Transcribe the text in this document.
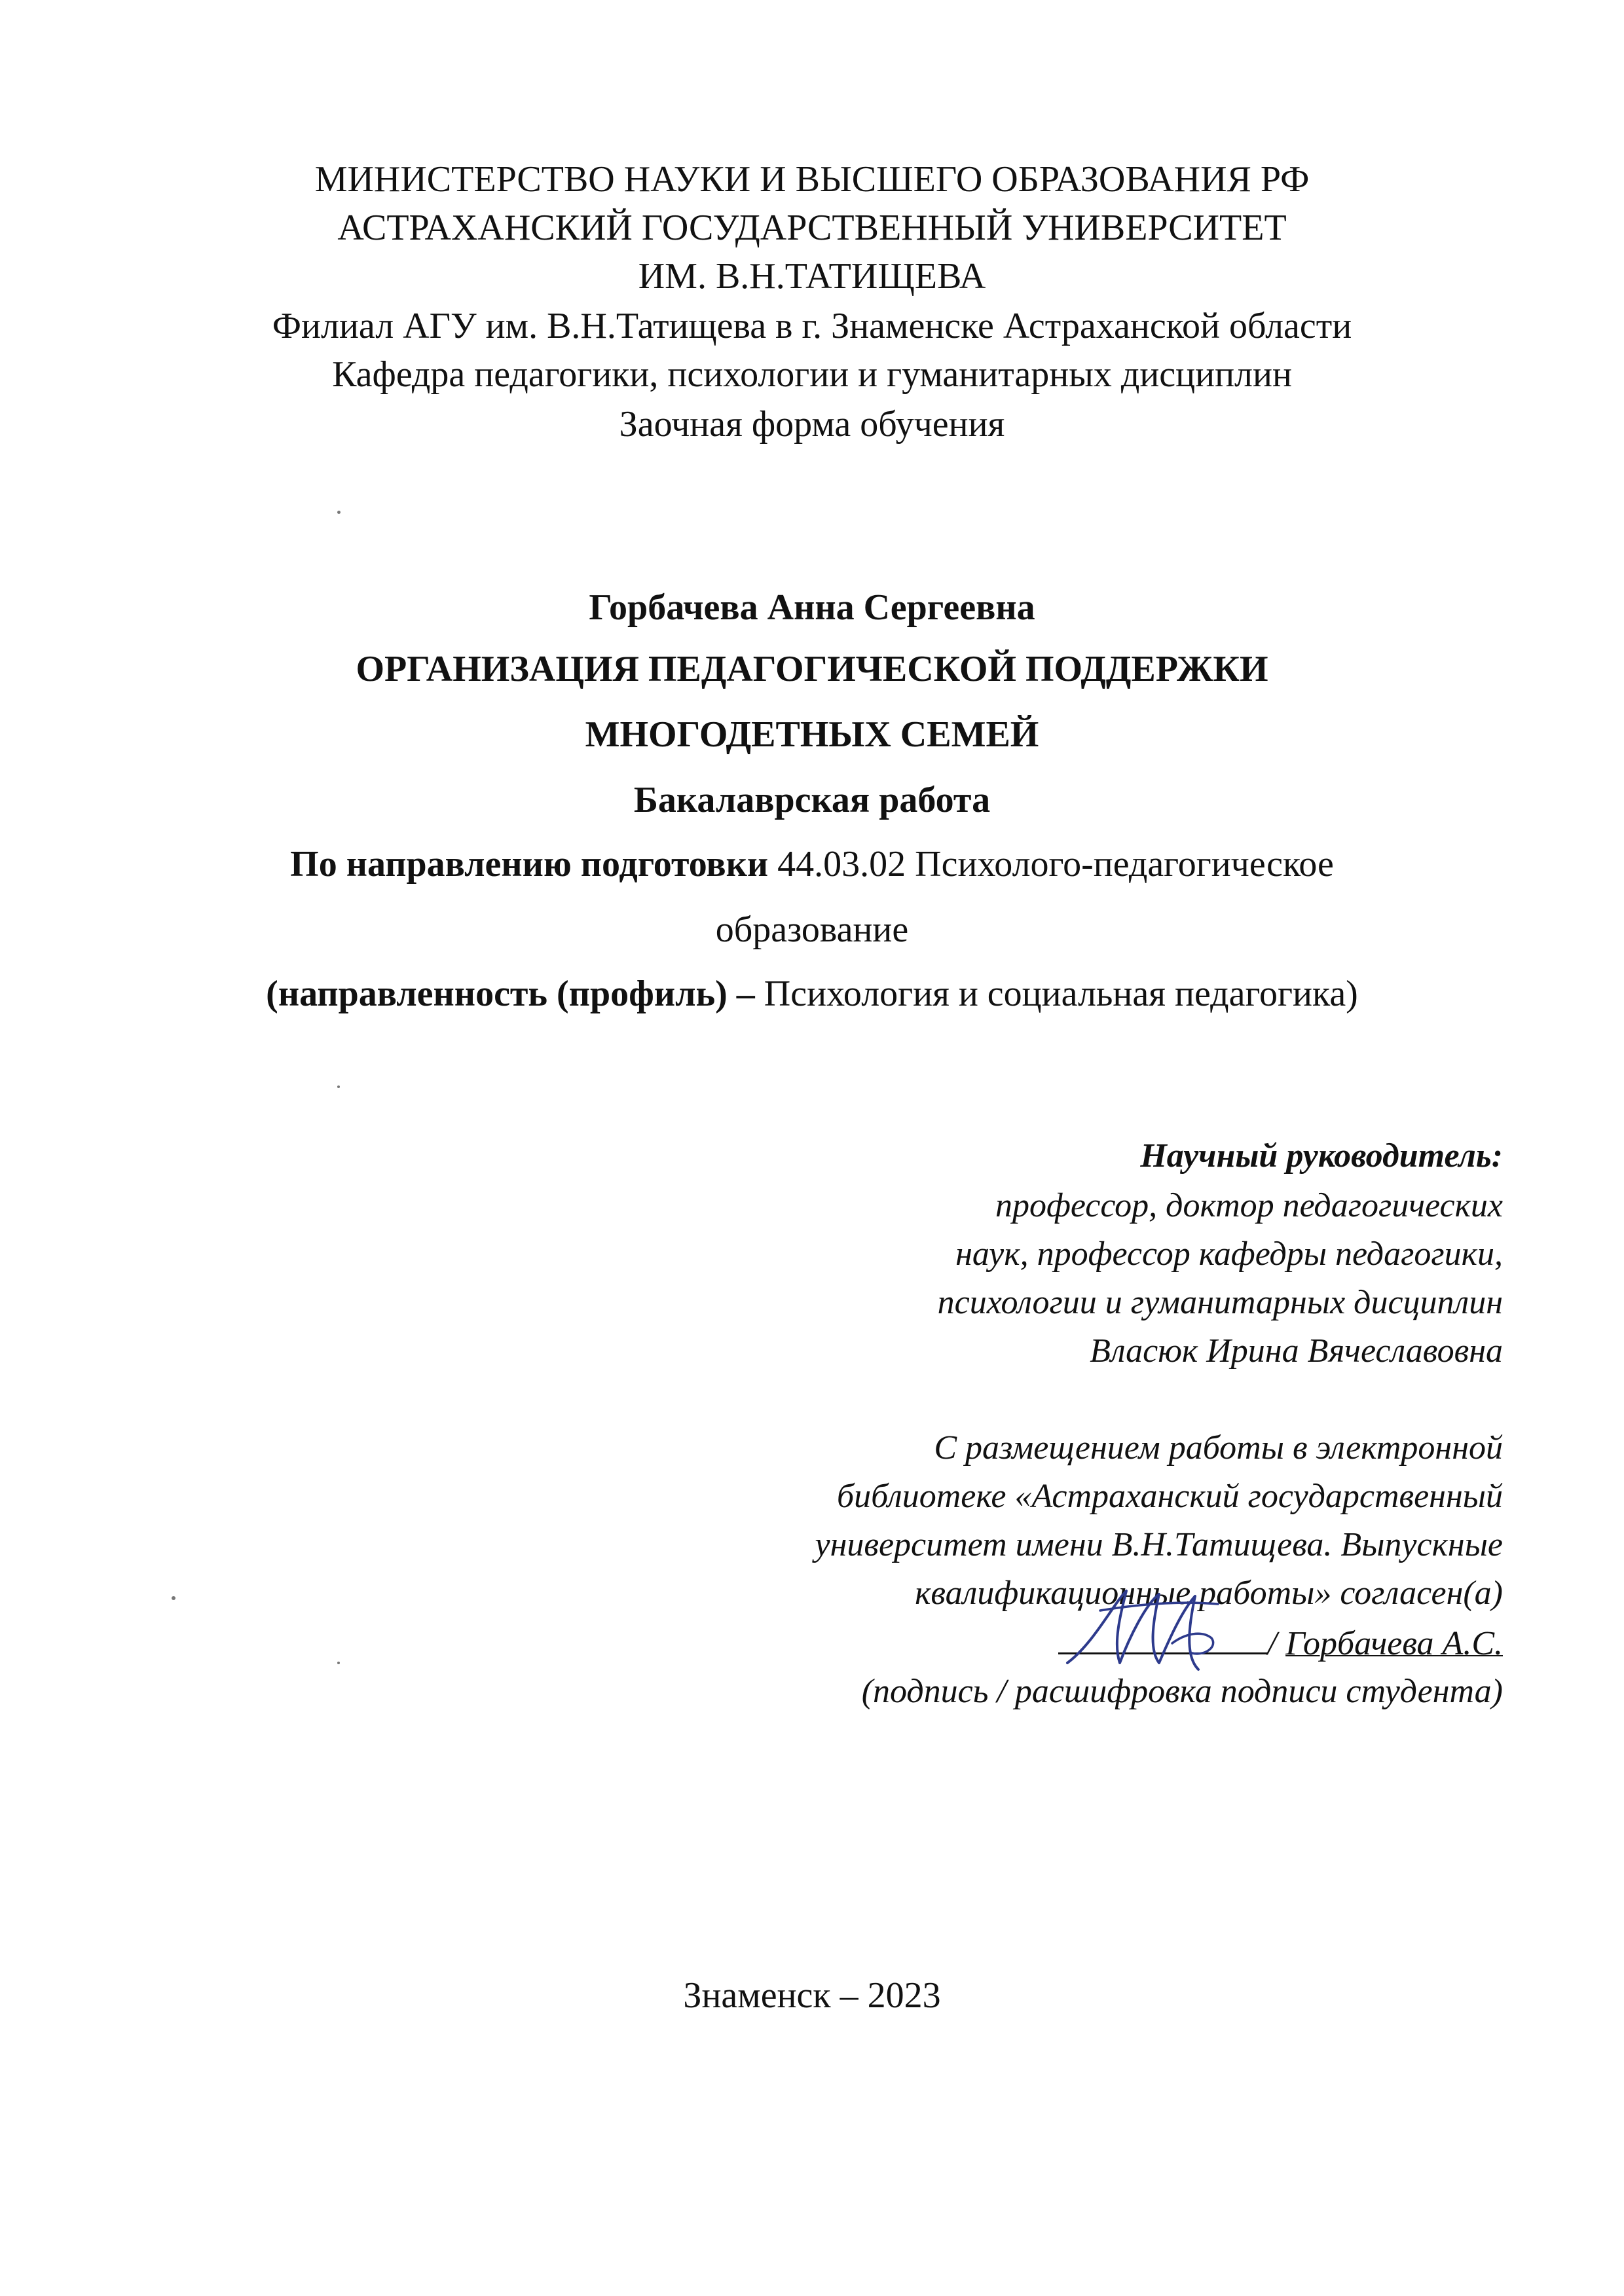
МИНИСТЕРСТВО НАУКИ И ВЫСШЕГО ОБРАЗОВАНИЯ РФ
АСТРАХАНСКИЙ ГОСУДАРСТВЕННЫЙ УНИВЕРСИТЕТ
ИМ. В.Н.ТАТИЩЕВА
Филиал АГУ им. В.Н.Татищева в г. Знаменске Астраханской области
Кафедра педагогики, психологии и гуманитарных дисциплин
Заочная форма обучения
Горбачева Анна Сергеевна
ОРГАНИЗАЦИЯ ПЕДАГОГИЧЕСКОЙ ПОДДЕРЖКИ
МНОГОДЕТНЫХ СЕМЕЙ
Бакалаврская работа
По направлению подготовки 44.03.02 Психолого-педагогическое
образование
(направленность (профиль) – Психология и социальная педагогика)
Научный руководитель:
профессор, доктор педагогических
наук, профессор кафедры педагогики,
психологии и гуманитарных дисциплин
Власюк Ирина Вячеславовна
С размещением работы в электронной
библиотеке «Астраханский государственный
университет имени В.Н.Татищева. Выпускные
квалификационные работы» согласен(а)
/ Горбачева А.С.
(подпись / расшифровка подписи студента)
Знаменск – 2023
